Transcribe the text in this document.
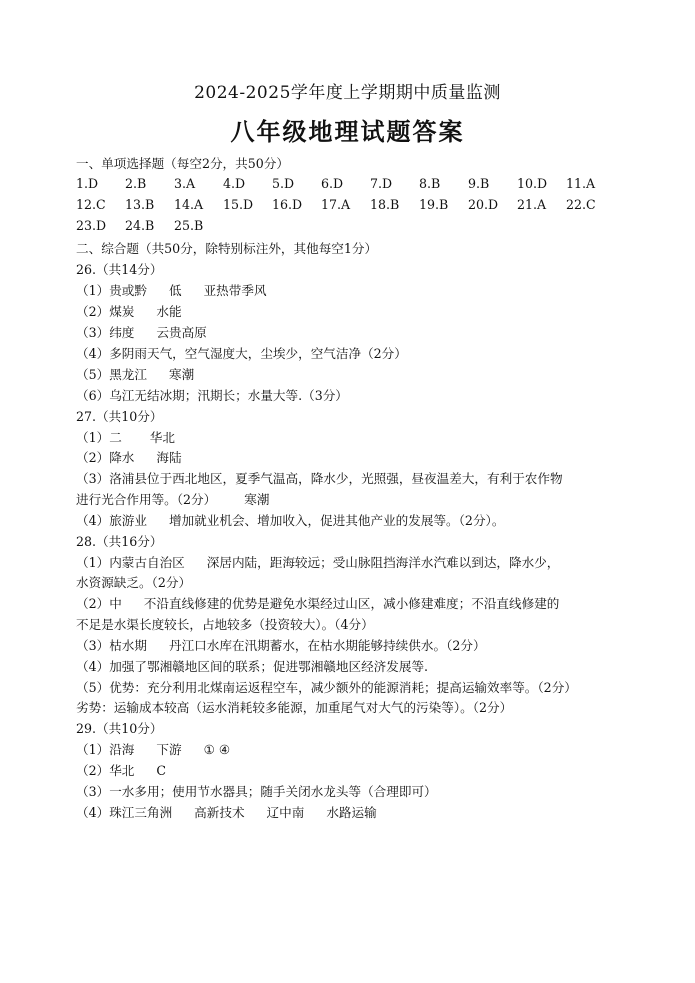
2024-2025学年度上学期期中质量监测
八年级地理试题答案
一、单项选择题（每空2分，共50分）
1.D 2.B 3.A 4.D 5.D 6.D 7.D 8.B 9.B 10.D 11.A
12.C 13.B 14.A 15.D 16.D 17.A 18.B 19.B 20.D 21.A 22.C
23.D 24.B 25.B
二、综合题（共50分，除特别标注外，其他每空1分）
26.（共14分）
（1）贵或黔 低 亚热带季风
（2）煤炭 水能
（3）纬度 云贵高原
（4）多阴雨天气，空气湿度大，尘埃少，空气洁净（2分）
（5）黑龙江 寒潮
（6）乌江无结冰期；汛期长；水量大等.（3分）
27.（共10分）
（1）二 华北
（2）降水 海陆
（3）洛浦县位于西北地区，夏季气温高，降水少，光照强，昼夜温差大，有利于农作物
进行光合作用等。（2分） 寒潮
（4）旅游业 增加就业机会、增加收入，促进其他产业的发展等。（2分）。
28.（共16分）
（1）内蒙古自治区 深居内陆，距海较远；受山脉阻挡海洋水汽难以到达，降水少，
水资源缺乏。（2分）
（2）中 不沿直线修建的优势是避免水渠经过山区，减小修建难度；不沿直线修建的
不足是水渠长度较长，占地较多（投资较大）。（4分）
（3）枯水期 丹江口水库在汛期蓄水，在枯水期能够持续供水。（2分）
（4）加强了鄂湘赣地区间的联系；促进鄂湘赣地区经济发展等.
（5）优势：充分利用北煤南运返程空车，减少额外的能源消耗；提高运输效率等。（2分）
劣势：运输成本较高（运水消耗较多能源，加重尾气对大气的污染等）。（2分）
29.（共10分）
（1）沿海 下游 ① ④
（2）华北 C
（3）一水多用；使用节水器具；随手关闭水龙头等（合理即可）
（4）珠江三角洲 高新技术 辽中南 水路运输
